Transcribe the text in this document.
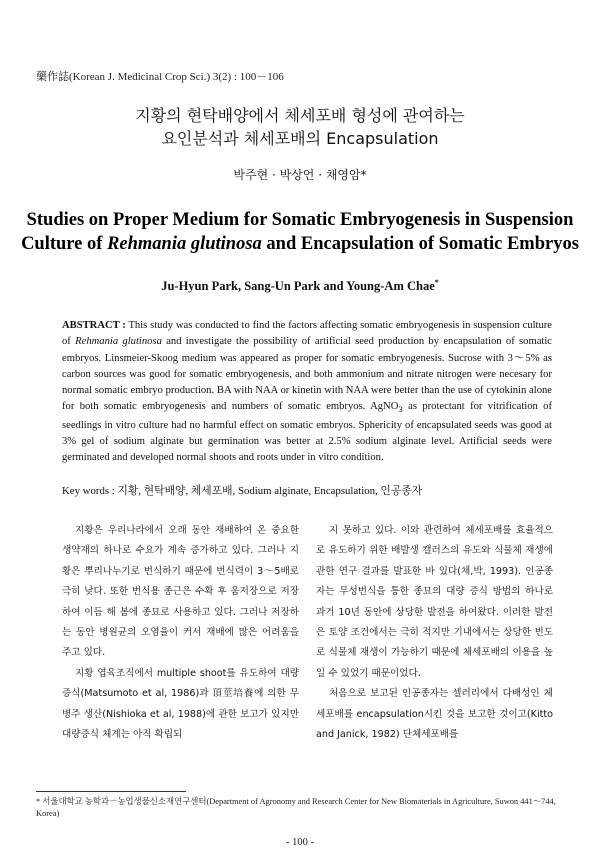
藥作誌(Korean J. Medicinal Crop Sci.) 3(2) : 100－106
지황의 현탁배양에서 체세포배 형성에 관여하는
요인분석과 체세포배의 Encapsulation
박주현 · 박상언 · 채영암*
Studies on Proper Medium for Somatic Embryogenesis in Suspension
Culture of Rehmania glutinosa and Encapsulation of Somatic Embryos
Ju-Hyun Park, Sang-Un Park and Young-Am Chae*
ABSTRACT : This study was conducted to find the factors affecting somatic embryogenesis in suspension culture of Rehmania glutinosa and investigate the possibility of artificial seed production by encapsulation of somatic embryos. Linsmeier-Skoog medium was appeared as proper for somatic embryogenesis. Sucrose with 3～5% as carbon sources was good for somatic embryogenesis, and both ammonium and nitrate nitrogen were necesary for normal somatic embryo production. BA with NAA or kinetin with NAA were better than the use of cytokinin alone for both somatic embryogenesis and numbers of somatic embryos. AgNO$_3$ as protectant for vitrification of seedlings in vitro culture had no harmful effect on somatic embryos. Sphericity of encapsulated seeds was good at 3% gel of sodium alginate but germination was better at 2.5% sodium alginate level. Artificial seeds were germinated and developed normal shoots and roots under in vitro condition.
Key words : 지황, 현탁배양, 체세포배, Sodium alginate, Encapsulation, 인공종자

지황은 우리나라에서 오래 동안 재배하여 온 중요한 생약재의 하나로 수요가 계속 증가하고 있다. 그러나 지황은 뿌리나누기로 번식하기 때문에 번식력이 3～5배로 극히 낮다. 또한 번식용 종근은 수확 후 움저장으로 저장하여 이듬 해 봄에 종묘로 사용하고 있다. 그러나 저장하는 동안 병원균의 오염율이 커서 재배에 많은 어려움을 주고 있다.

지황 엽육조직에서 multiple shoot를 유도하여 대량증식(Matsumoto et al, 1986)과 頂莖培養에 의한 무병주 생산(Nishioka et al, 1988)에 관한 보고가 있지만 대량증식 체계는 아직 확립되

지 못하고 있다. 이와 관련하여 체세포배를 효율적으로 유도하기 위한 배발생 캘러스의 유도와 식물체 재생에 관한 연구 결과를 발표한 바 있다(채,박, 1993). 인공종자는 무성번식을 통한 종묘의 대량 증식 방법의 하나로 과거 10년 동안에 상당한 발전을 하여왔다. 이러한 발전은 토양 조건에서는 극히 적지만 기내에서는 상당한 빈도로 식물체 재생이 가능하기 때문에 체세포배의 이용을 높일 수 있었기 때문이었다.

처음으로 보고된 인공종자는 셀러리에서 다배성인 체세포배를 encapsulation시킨 것을 보고한 것이고(Kitto and Janick, 1982) 단체세포배를

* 서울대학교 농학과－농업생물신소재연구센터(Department of Agronomy and Research Center for New Biomaterials in Agriculture, Suwon 441～744, Korea)
- 100 -
